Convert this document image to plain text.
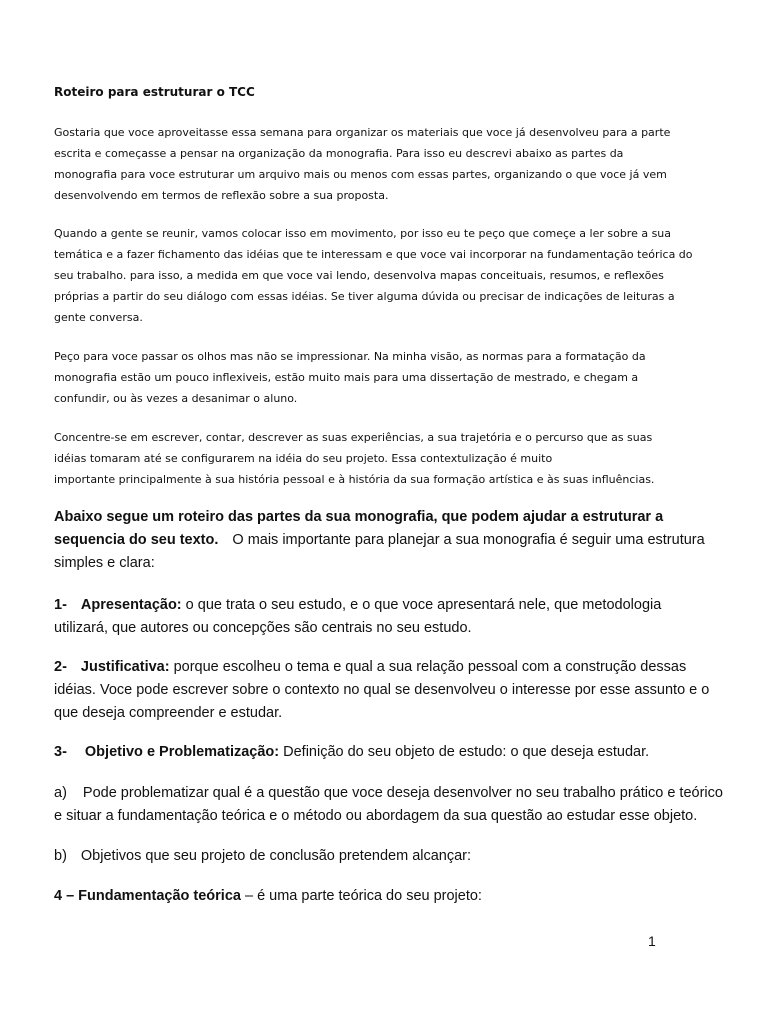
Roteiro para estruturar o TCC
Gostaria que voce aproveitasse essa semana para organizar os materiais que voce já desenvolveu para a parte
escrita e começasse a pensar na organização da monografia. Para isso eu descrevi abaixo as partes da
monografia para voce estruturar um arquivo mais ou menos com essas partes, organizando o que voce já vem
desenvolvendo em termos de reflexão sobre a sua proposta.
Quando a gente se reunir, vamos colocar isso em movimento, por isso eu te peço que começe a ler sobre a sua
temática e a fazer fichamento das idéias que te interessam e que voce vai incorporar na fundamentação teórica do
seu trabalho. para isso, a medida em que voce vai lendo, desenvolva mapas conceituais, resumos, e reflexões
próprias a partir do seu diálogo com essas idéias. Se tiver alguma dúvida ou precisar de indicações de leituras a
gente conversa.
Peço para voce passar os olhos mas não se impressionar. Na minha visão, as normas para a formatação da
monografia estão um pouco inflexiveis, estão muito mais para uma dissertação de mestrado, e chegam a
confundir, ou às vezes a desanimar o aluno.
Concentre-se em escrever, contar, descrever as suas experiências, a sua trajetória e o percurso que as suas
idéias tomaram até se configurarem na idéia do seu projeto. Essa contextulização é muito
importante principalmente à sua história pessoal e à história da sua formação artística e às suas influências.
Abaixo segue um roteiro das partes da sua monografia, que podem ajudar a estruturar a
sequencia do seu texto. O mais importante para planejar a sua monografia é seguir uma estrutura
simples e clara:
1- Apresentação: o que trata o seu estudo, e o que voce apresentará nele, que metodologia
utilizará, que autores ou concepções são centrais no seu estudo.
2- Justificativa: porque escolheu o tema e qual a sua relação pessoal com a construção dessas
idéias. Voce pode escrever sobre o contexto no qual se desenvolveu o interesse por esse assunto e o
que deseja compreender e estudar.
3- Objetivo e Problematização: Definição do seu objeto de estudo: o que deseja estudar.
a) Pode problematizar qual é a questão que voce deseja desenvolver no seu trabalho prático e teórico
e situar a fundamentação teórica e o método ou abordagem da sua questão ao estudar esse objeto.
b) Objetivos que seu projeto de conclusão pretendem alcançar:
4 – Fundamentação teórica – é uma parte teórica do seu projeto:
1
